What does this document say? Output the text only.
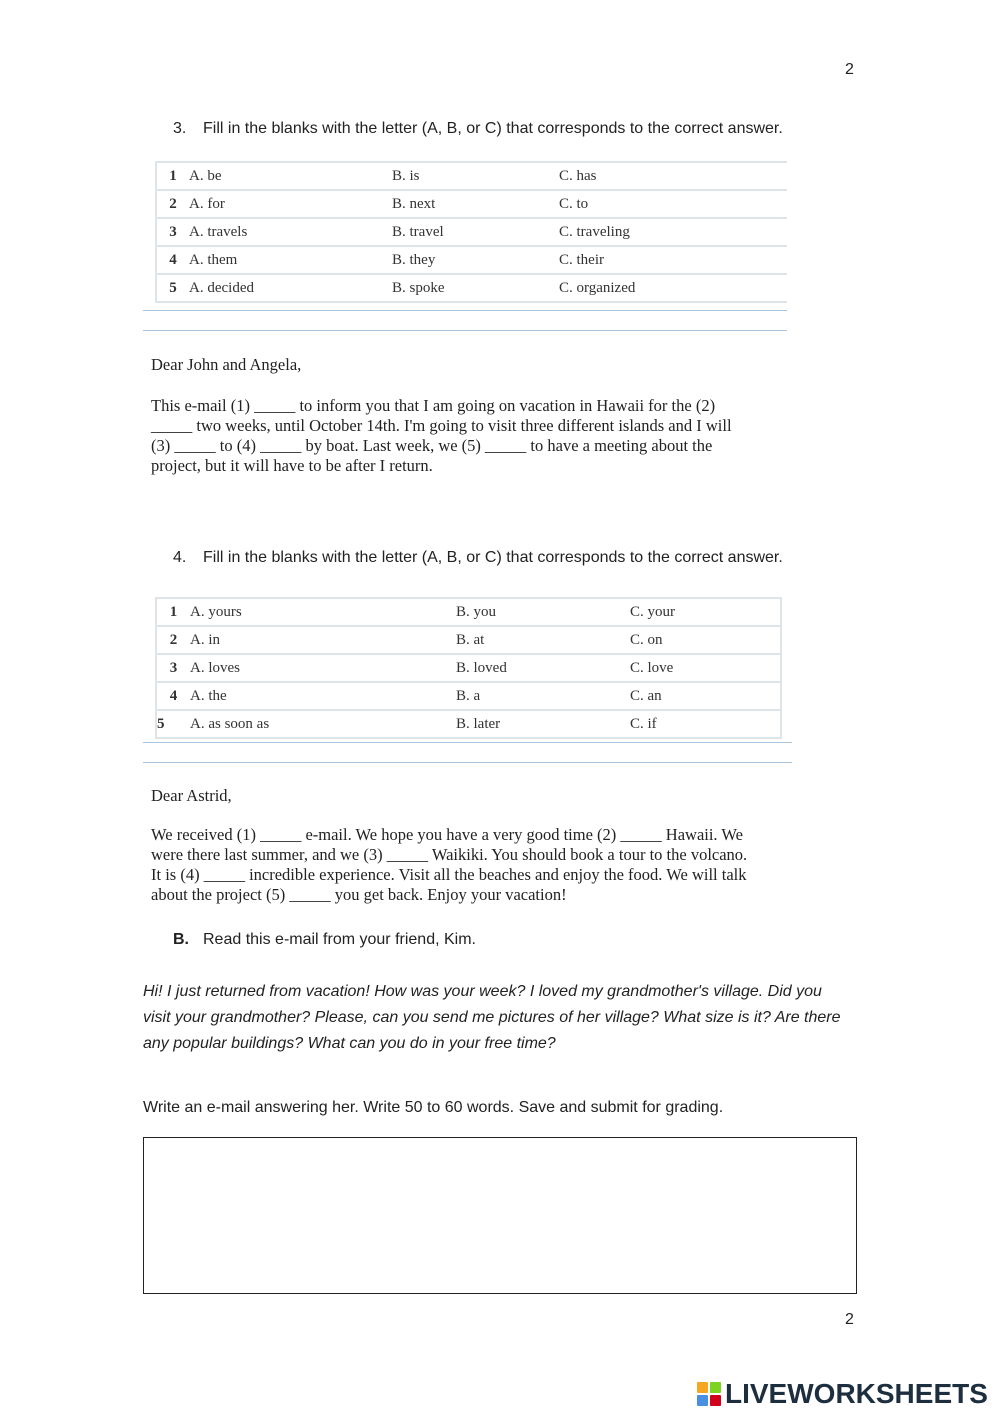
2
3. Fill in the blanks with the letter (A, B, or C) that corresponds to the correct answer.
1	A. be	B. is	C. has
2	A. for	B. next	C. to
3	A. travels	B. travel	C. traveling
4	A. them	B. they	C. their
5	A. decided	B. spoke	C. organized

Dear John and Angela,

This e-mail (1) _____ to inform you that I am going on vacation in Hawaii for the (2)

_____ two weeks, until October 14th. I'm going to visit three different islands and I will

(3) _____ to (4) _____ by boat. Last week, we (5) _____ to have a meeting about the

project, but it will have to be after I return.

4. Fill in the blanks with the letter (A, B, or C) that corresponds to the correct answer.
1	A. yours	B. you	C. your
2	A. in	B. at	C. on
3	A. loves	B. loved	C. love
4	A. the	B. a	C. an
5	A. as soon as	B. later	C. if

Dear Astrid,

We received (1) _____ e-mail. We hope you have a very good time (2) _____ Hawaii. We

were there last summer, and we (3) _____ Waikiki. You should book a tour to the volcano.

It is (4) _____ incredible experience. Visit all the beaches and enjoy the food. We will talk

about the project (5) _____ you get back. Enjoy your vacation!

B. Read this e-mail from your friend, Kim.

Hi! I just returned from vacation! How was your week? I loved my grandmother's village. Did you

visit your grandmother? Please, can you send me pictures of her village? What size is it? Are there

any popular buildings? What can you do in your free time?

Write an e-mail answering her. Write 50 to 60 words. Save and submit for grading.
2
LIVEWORKSHEETS
